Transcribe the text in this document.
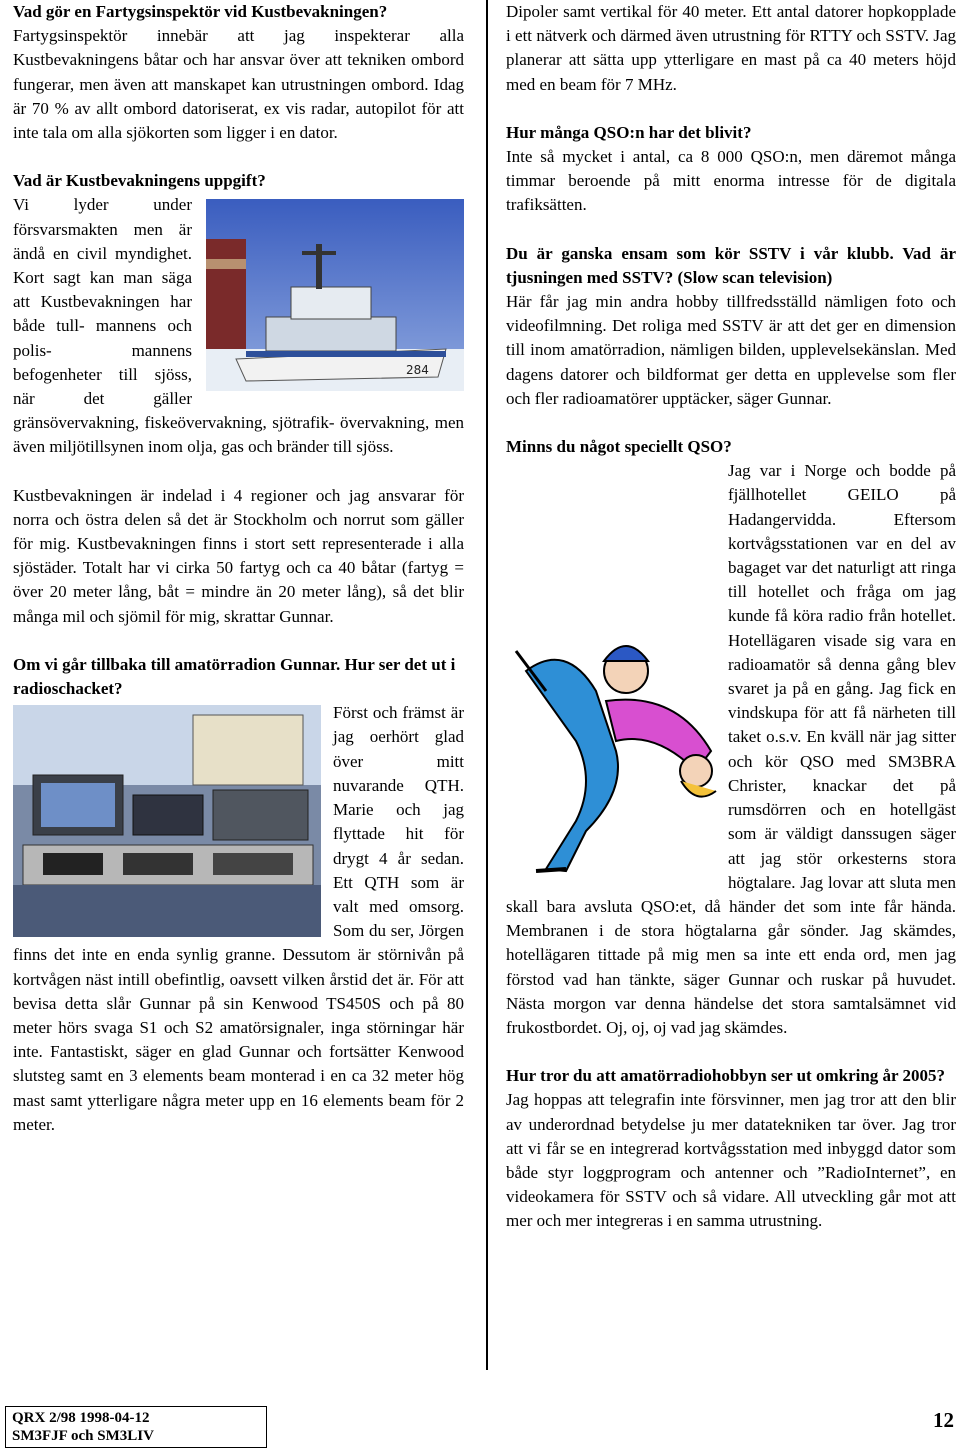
Vad gör en Fartygsinspektör vid Kustbevakningen?

Fartygsinspektör innebär att jag inspekterar alla Kustbevakningens båtar och har ansvar över att tekniken ombord fungerar, men även att manskapet kan utrustningen ombord. Idag är 70 % av allt ombord datoriserat, ex vis radar, autopilot för att inte tala om alla sjökorten som ligger i en dator.

Vad är Kustbevakningens uppgift?
284

Vi lyder under försvarsmakten men är ändå en civil myndighet. Kort sagt kan man säga att Kustbevakningen har både tull- mannens och polis- mannens befogenheter till sjöss, när det gäller gränsövervakning, fiskeövervakning, sjötrafik- övervakning, men även miljötillsynen inom olja, gas och bränder till sjöss.

Kustbevakningen är indelad i 4 regioner och jag ansvarar för norra och östra delen så det är Stockholm och norrut som gäller för mig. Kustbevakningen finns i stort sett representerade i alla sjöstäder. Totalt har vi cirka 50 fartyg och ca 40 båtar (fartyg = över 20 meter lång, båt = mindre än 20 meter lång), så det blir många mil och sjömil för mig, skrattar Gunnar.

Om vi går tillbaka till amatörradion Gunnar. Hur ser det ut i radioschacket?

Först och främst är jag oerhört glad över mitt nuvarande QTH. Marie och jag flyttade hit för drygt 4 år sedan. Ett QTH som är valt med omsorg. Som du ser, Jörgen finns det inte en enda synlig granne. Dessutom är störnivån på kortvågen näst intill obefintlig, oavsett vilken årstid det är. För att bevisa detta slår Gunnar på sin Kenwood TS450S och på 80 meter hörs svaga S1 och S2 amatörsignaler, inga störningar här inte. Fantastiskt, säger en glad Gunnar och fortsätter Kenwood slutsteg samt en 3 elements beam monterad i en ca 32 meter hög mast samt ytterligare några meter upp en 16 elements beam för 2 meter.

Dipoler samt vertikal för 40 meter. Ett antal datorer hopkopplade i ett nätverk och därmed även utrustning för RTTY och SSTV. Jag planerar att sätta upp ytterligare en mast på ca 40 meters höjd med en beam för 7 MHz.

Hur många QSO:n har det blivit?

Inte så mycket i antal, ca 8 000 QSO:n, men däremot många timmar beroende på mitt enorma intresse för de digitala trafiksätten.

Du är ganska ensam som kör SSTV i vår klubb. Vad är tjusningen med SSTV? (Slow scan television)

Här får jag min andra hobby tillfredsställd nämligen foto och videofilmning. Det roliga med SSTV är att det ger en dimension till inom amatörradion, nämligen bilden, upplevelsekänslan. Med dagens datorer och bildformat ger detta en upplevelse som fler och fler radioamatörer upptäcker, säger Gunnar.

Minns du något speciellt QSO?

Jag var i Norge och bodde på fjällhotellet GEILO på Hadangervidda. Eftersom kortvågsstationen var en del av bagaget var det naturligt att ringa till hotellet och fråga om jag kunde få köra radio från hotellet. Hotellägaren visade sig vara en radioamatör så denna gång blev svaret ja på en gång. Jag fick en vindskupa för att få närheten till taket o.s.v. En kväll när jag sitter och kör QSO med SM3BRA Christer, knackar det på rumsdörren och en hotellgäst som är väldigt danssugen säger att jag stör orkesterns stora högtalare. Jag lovar att sluta men skall bara avsluta QSO:et, då händer det som inte får hända. Membranen i de stora högtalarna går sönder. Jag skämdes, hotellägaren tittade på mig men sa inte ett enda ord, men jag förstod vad han tänkte, säger Gunnar och ruskar på huvudet. Nästa morgon var denna händelse det stora samtalsämnet vid frukostbordet. Oj, oj, oj vad jag skämdes.

Hur tror du att amatörradiohobbyn ser ut omkring år 2005?

Jag hoppas att telegrafin inte försvinner, men jag tror att den blir av underordnad betydelse ju mer datatekniken tar över. Jag tror att vi får se en integrerad kortvågsstation med inbyggd dator som både styr loggprogram och antenner och ”RadioInternet”, en videokamera för SSTV och så vidare. All utveckling går mot att mer och mer integreras i en samma utrustning.

QRX 2/98 1998-04-12
SM3FJF och SM3LIV
12
